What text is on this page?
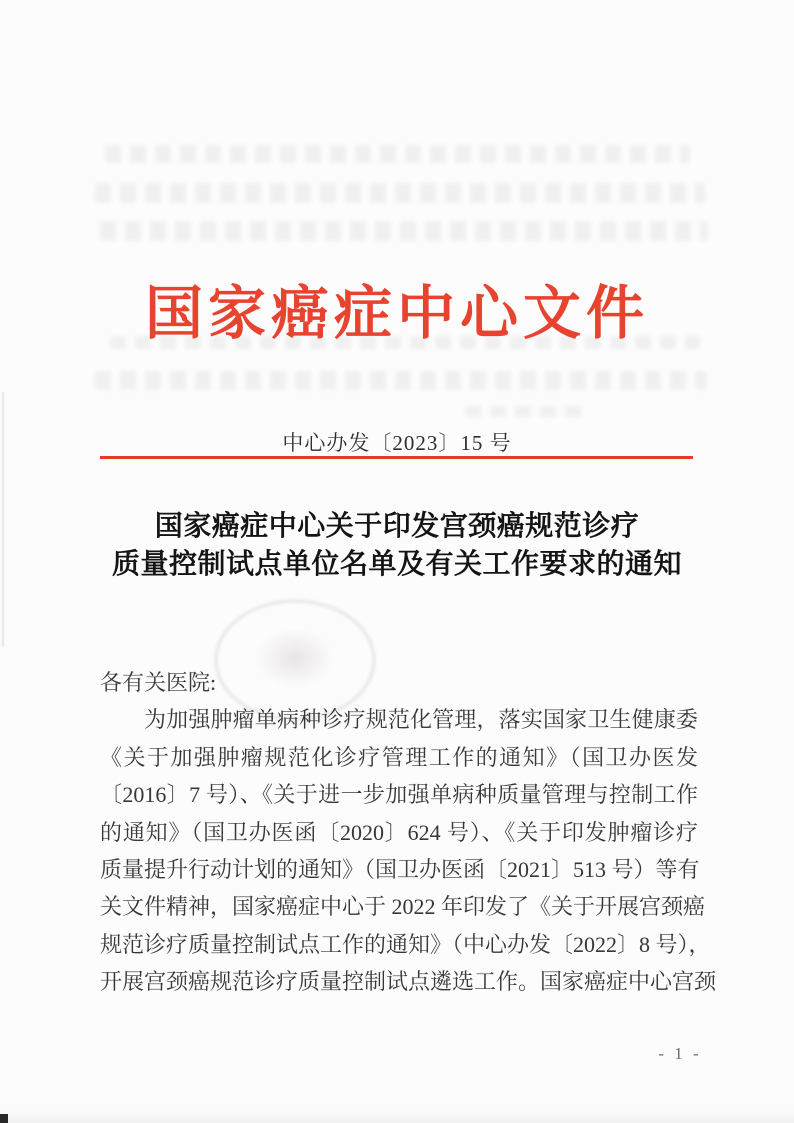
国家癌症中心文件
中心办发〔2023〕15 号
国家癌症中心关于印发宫颈癌规范诊疗
质量控制试点单位名单及有关工作要求的通知
各有关医院:
为加强肿瘤单病种诊疗规范化管理，落实国家卫生健康委
《关于加强肿瘤规范化诊疗管理工作的通知》（国卫办医发
〔2016〕7 号）、《关于进一步加强单病种质量管理与控制工作
的通知》（国卫办医函〔2020〕624 号）、《关于印发肿瘤诊疗
质量提升行动计划的通知》（国卫办医函〔2021〕513 号）等有
关文件精神，国家癌症中心于 2022 年印发了《关于开展宫颈癌
规范诊疗质量控制试点工作的通知》（中心办发〔2022〕8 号），
开展宫颈癌规范诊疗质量控制试点遴选工作。国家癌症中心宫颈
- 1 -
